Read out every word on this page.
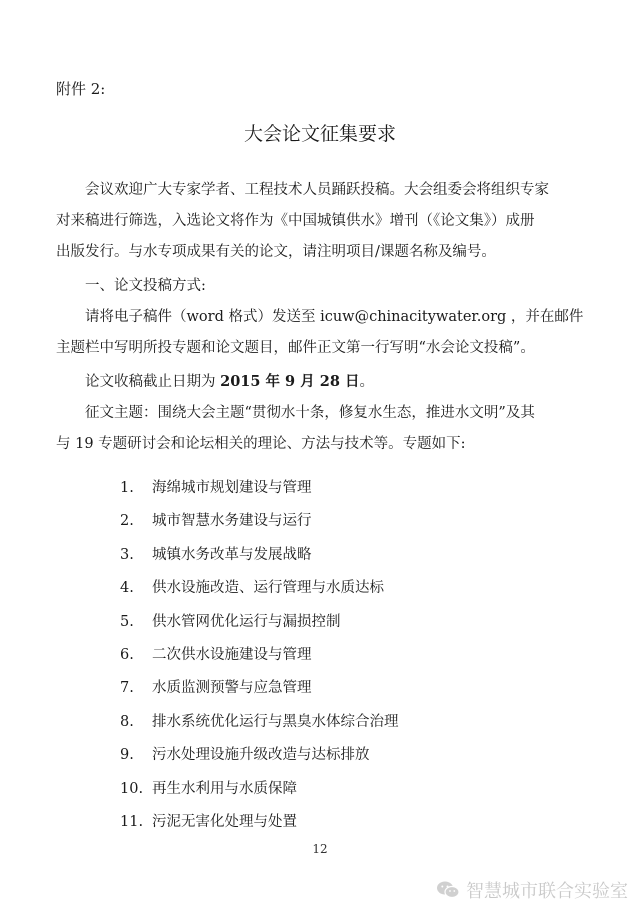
附件 2:
大会论文征集要求
会议欢迎广大专家学者、工程技术人员踊跃投稿。大会组委会将组织专家
对来稿进行筛选，入选论文将作为《中国城镇供水》增刊（《论文集》）成册
出版发行。与水专项成果有关的论文，请注明项目/课题名称及编号。
一、论文投稿方式:
请将电子稿件（word 格式）发送至 icuw@chinacitywater.org ，并在邮件
主题栏中写明所投专题和论文题目，邮件正文第一行写明“水会论文投稿”。
论文收稿截止日期为 2015 年 9 月 28 日。
征文主题：围绕大会主题“贯彻水十条，修复水生态，推进水文明”及其
与 19 专题研讨会和论坛相关的理论、方法与技术等。专题如下:
1. 海绵城市规划建设与管理
2. 城市智慧水务建设与运行
3. 城镇水务改革与发展战略
4. 供水设施改造、运行管理与水质达标
5. 供水管网优化运行与漏损控制
6. 二次供水设施建设与管理
7. 水质监测预警与应急管理
8. 排水系统优化运行与黑臭水体综合治理
9. 污水处理设施升级改造与达标排放
10. 再生水利用与水质保障
11. 污泥无害化处理与处置
12
智慧城市联合实验室
